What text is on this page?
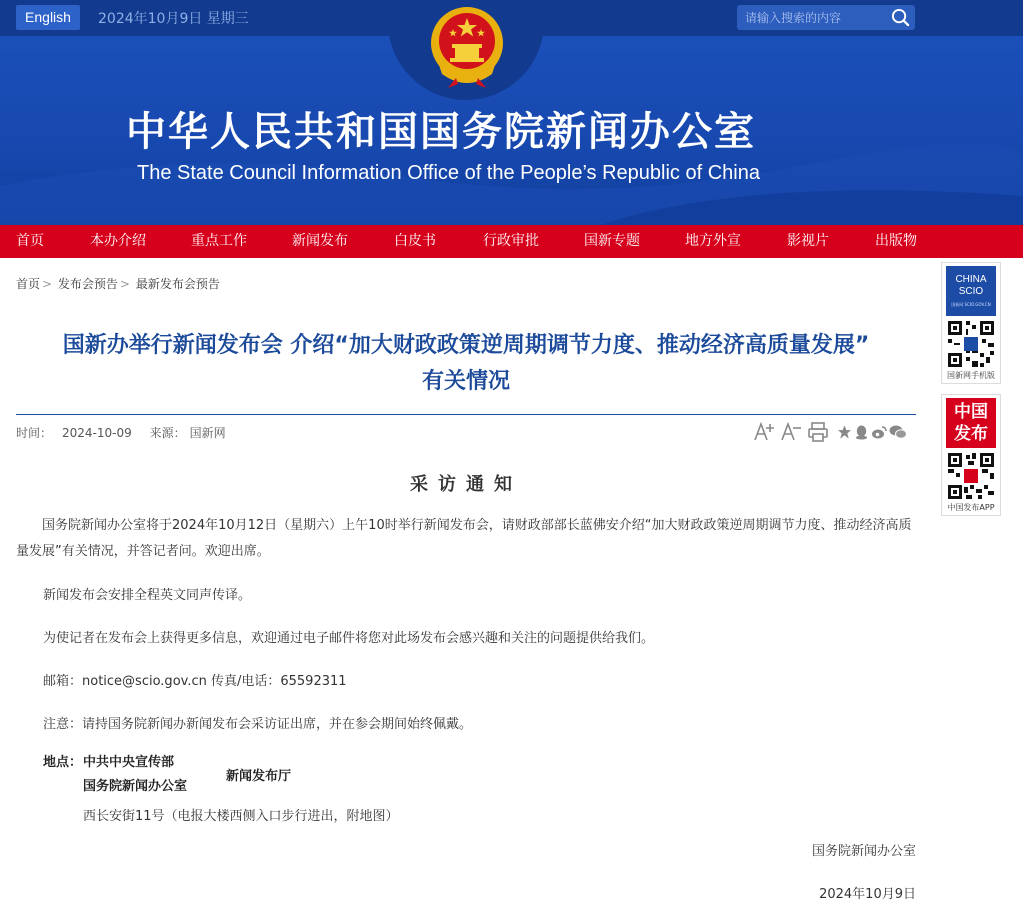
English	2024年10月9日 星期三
请输入搜索的内容
中华人民共和国国务院新闻办公室
The State Council Information Office of the People’s Republic of China
首页	本办介绍	重点工作	新闻发布	白皮书	行政审批	国新专题	地方外宣	影视片	出版物
首页 > 发布会预告 > 最新发布会预告
国新办举行新闻发布会 介绍“加大财政政策逆周期调节力度、推动经济高质量发展”
有关情况
时间： 2024-10-09 来源： 国新网
采访通知
国务院新闻办公室将于2024年10月12日（星期六）上午10时举行新闻发布会，请财政部部长蓝佛安介绍“加大财政政策逆周期调节力度、推动经济高质量发展”有关情况，并答记者问。欢迎出席。
新闻发布会安排全程英文同声传译。
为使记者在发布会上获得更多信息，欢迎通过电子邮件将您对此场发布会感兴趣和关注的问题提供给我们。
邮箱：notice@scio.gov.cn 传真/电话：65592311
注意：请持国务院新闻办新闻发布会采访证出席，并在参会期间始终佩戴。
地点： 中共中央宣传部
国务院新闻办公室
新闻发布厅
西长安街11号（电报大楼西侧入口步行进出，附地图）
国务院新闻办公室
2024年10月9日
CHINA
SCIO
国新网 SCIO.GOV.CN
国新网手机版
中国
发布
中国发布APP
